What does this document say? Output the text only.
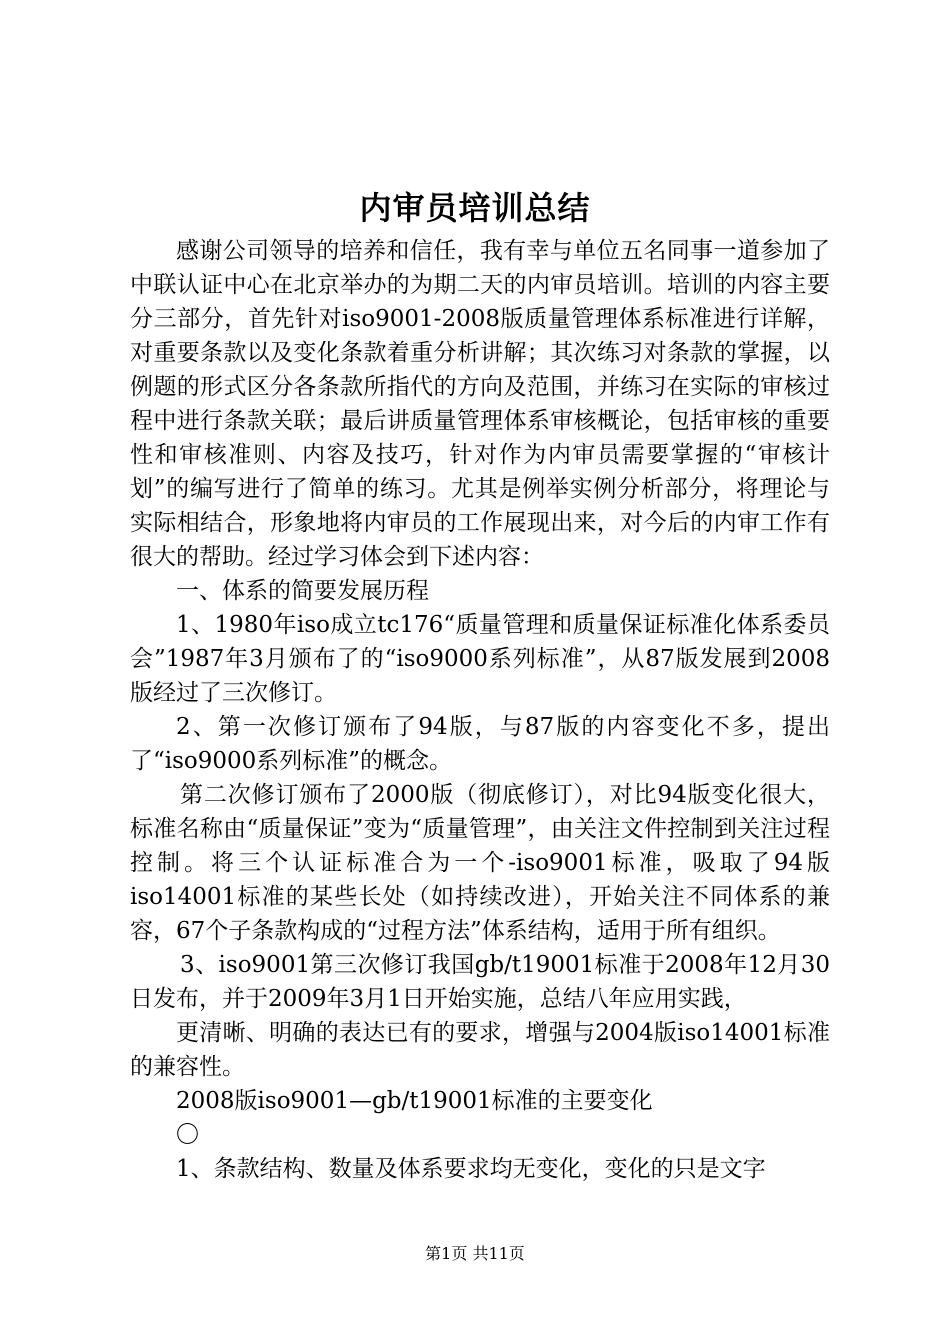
内审员培训总结

感谢公司领导的培养和信任，我有幸与单位五名同事一道参加了中联认证中心在北京举办的为期二天的内审员培训。培训的内容主要分三部分，首先针对iso9001-2008版质量管理体系标准进行详解，对重要条款以及变化条款着重分析讲解；其次练习对条款的掌握，以例题的形式区分各条款所指代的方向及范围，并练习在实际的审核过程中进行条款关联；最后讲质量管理体系审核概论，包括审核的重要性和审核准则、内容及技巧，针对作为内审员需要掌握的“审核计划”的编写进行了简单的练习。尤其是例举实例分析部分，将理论与实际相结合，形象地将内审员的工作展现出来，对今后的内审工作有很大的帮助。经过学习体会到下述内容：

一、体系的简要发展历程

1、1980年iso成立tc176“质量管理和质量保证标准化体系委员会”1987年3月颁布了的“iso9000系列标准”，从87版发展到2008版经过了三次修订。

2、第一次修订颁布了94版，与87版的内容变化不多，提出了“iso9000系列标准”的概念。

第二次修订颁布了2000版（彻底修订），对比94版变化很大，标准名称由“质量保证”变为“质量管理”，由关注文件控制到关注过程控制。将三个认证标准合为一个-iso9001标准，吸取了94版iso14001标准的某些长处（如持续改进），开始关注不同体系的兼容，67个子条款构成的“过程方法”体系结构，适用于所有组织。

3、iso9001第三次修订我国gb/t19001标准于2008年12月30日发布，并于2009年3月1日开始实施，总结八年应用实践，

更清晰、明确的表达已有的要求，增强与2004版iso14001标准的兼容性。

2008版iso9001—gb/t19001标准的主要变化

〇

1、条款结构、数量及体系要求均无变化，变化的只是文字

第1页 共11页
